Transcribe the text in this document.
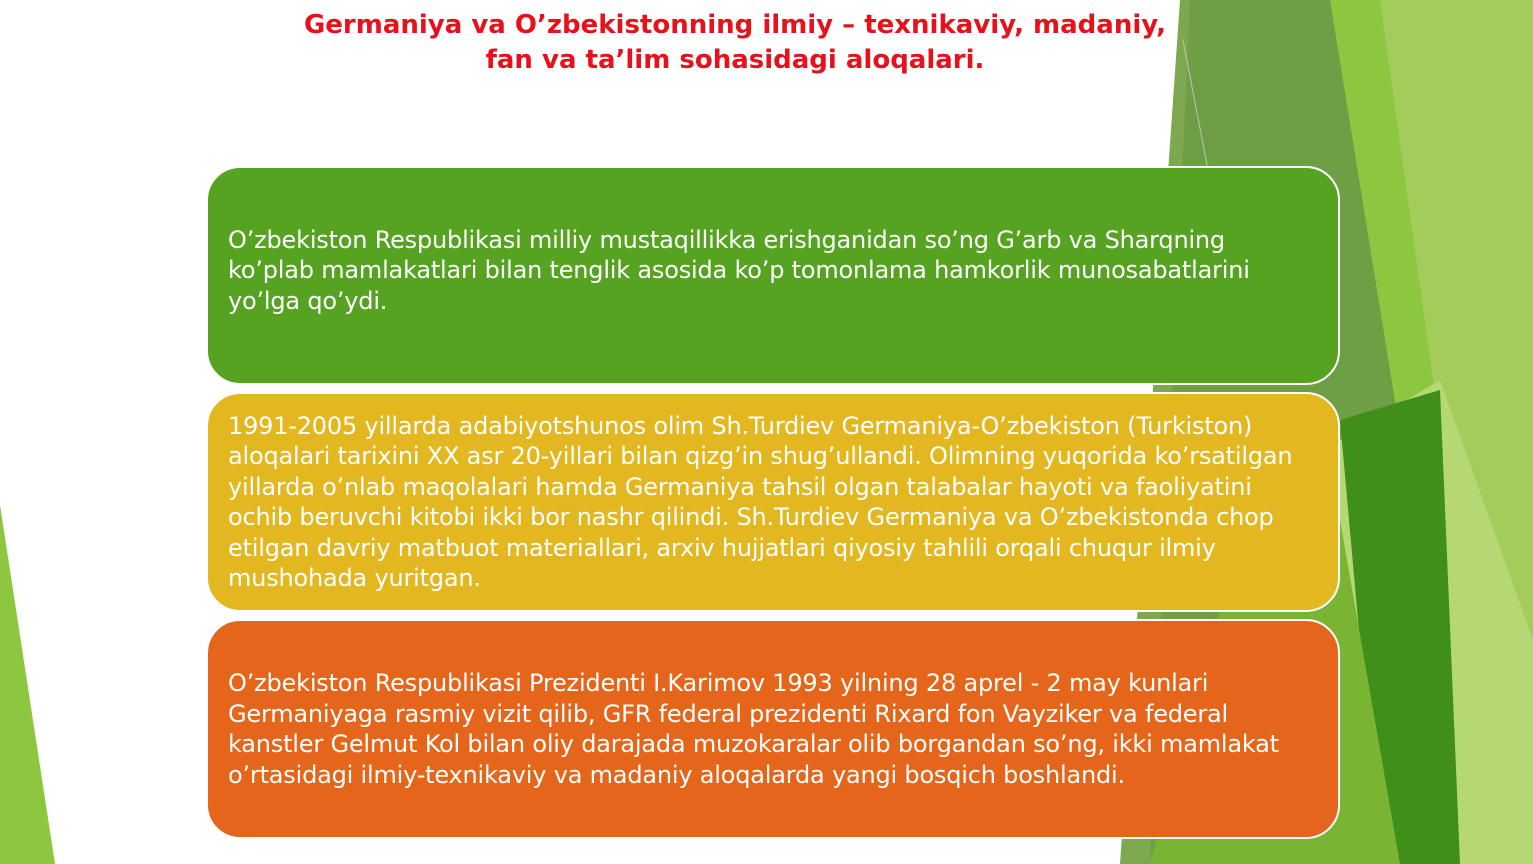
Germaniya va O’zbekistonning ilmiy – texnikaviy, madaniy,
fan va ta’lim sohasidagi aloqalari.
O’zbekiston Respublikasi milliy mustaqillikka erishganidan so’ng G’arb va Sharqning ko’plab mamlakatlari bilan tenglik asosida ko’p tomonlama hamkorlik munosabatlarini yo’lga qo’ydi.
1991-2005 yillarda adabiyotshunos olim Sh.Turdiev Germaniya-O’zbekiston (Turkiston) aloqalari tarixini XX asr 20-yillari bilan qizg’in shug’ullandi. Olimning yuqorida ko’rsatilgan yillarda o’nlab maqolalari hamda Germaniya tahsil olgan talabalar hayoti va faoliyatini ochib beruvchi kitobi ikki bor nashr qilindi. Sh.Turdiev Germaniya va O’zbekistonda chop etilgan davriy matbuot materiallari, arxiv hujjatlari qiyosiy tahlili orqali chuqur ilmiy mushohada yuritgan.
O’zbekiston Respublikasi Prezidenti I.Karimov 1993 yilning 28 aprel - 2 may kunlari Germaniyaga rasmiy vizit qilib, GFR federal prezidenti Rixard fon Vayziker va federal kanstler Gelmut Kol bilan oliy darajada muzokaralar olib borgandan so’ng, ikki mamlakat o’rtasidagi ilmiy-texnikaviy va madaniy aloqalarda yangi bosqich boshlandi.
